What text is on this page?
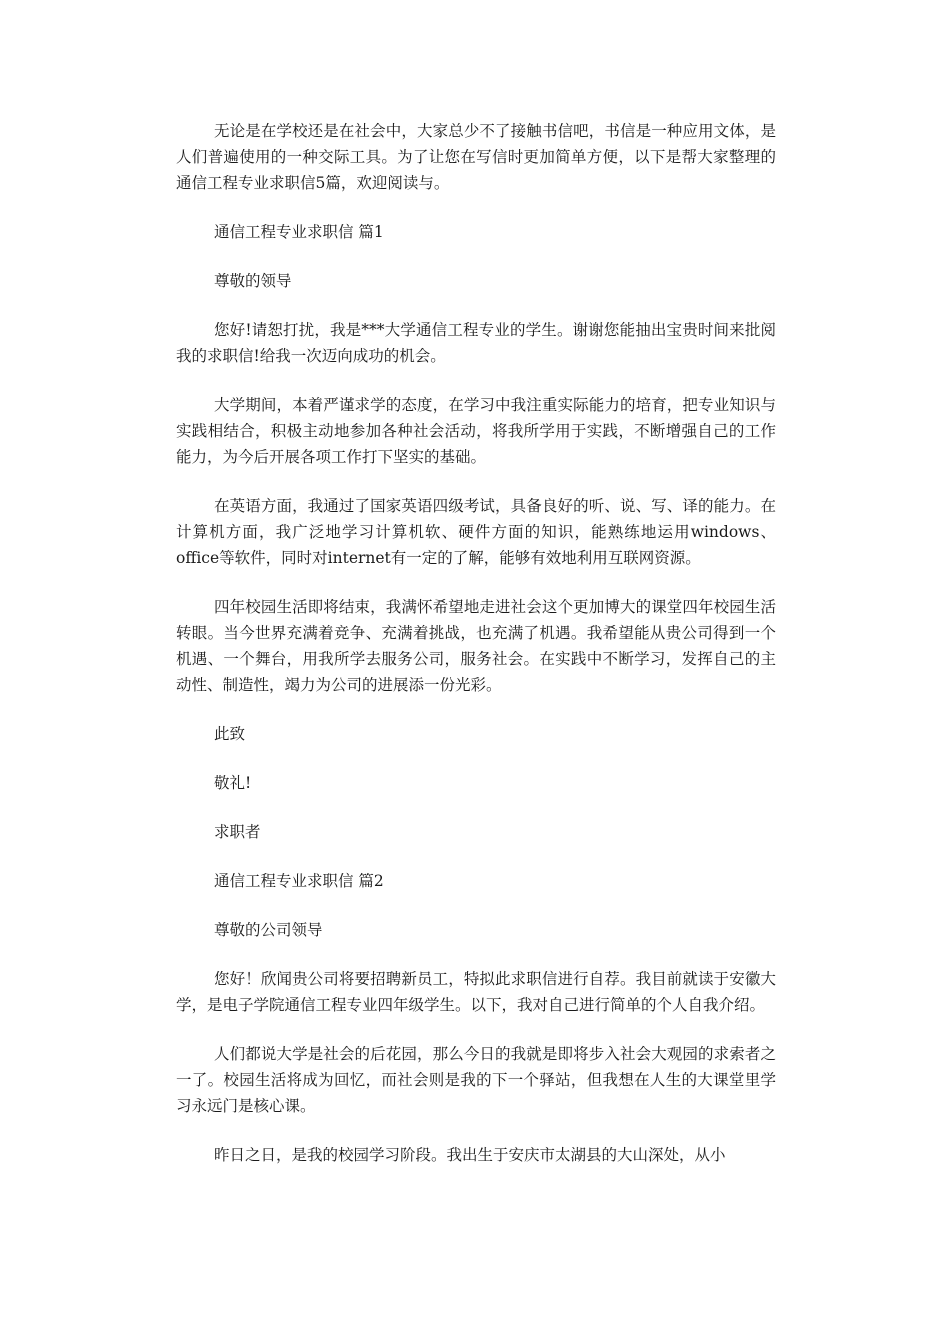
无论是在学校还是在社会中，大家总少不了接触书信吧，书信是一种应用文体，是人们普遍使用的一种交际工具。为了让您在写信时更加简单方便，以下是帮大家整理的通信工程专业求职信5篇，欢迎阅读与。

通信工程专业求职信 篇1

尊敬的领导

您好!请恕打扰，我是***大学通信工程专业的学生。谢谢您能抽出宝贵时间来批阅我的求职信!给我一次迈向成功的机会。

大学期间，本着严谨求学的态度，在学习中我注重实际能力的培育，把专业知识与实践相结合，积极主动地参加各种社会活动，将我所学用于实践，不断增强自己的工作能力，为今后开展各项工作打下坚实的基础。

在英语方面，我通过了国家英语四级考试，具备良好的听、说、写、译的能力。在计算机方面，我广泛地学习计算机软、硬件方面的知识，能熟练地运用windows、 office等软件，同时对internet有一定的了解，能够有效地利用互联网资源。

四年校园生活即将结束，我满怀希望地走进社会这个更加博大的课堂四年校园生活转眼。当今世界充满着竞争、充满着挑战，也充满了机遇。我希望能从贵公司得到一个机遇、一个舞台，用我所学去服务公司，服务社会。在实践中不断学习，发挥自己的主动性、制造性，竭力为公司的进展添一份光彩。

此致

敬礼!

求职者

通信工程专业求职信 篇2

尊敬的公司领导

您好！欣闻贵公司将要招聘新员工，特拟此求职信进行自荐。我目前就读于安徽大学，是电子学院通信工程专业四年级学生。以下，我对自己进行简单的个人自我介绍。

人们都说大学是社会的后花园，那么今日的我就是即将步入社会大观园的求索者之一了。校园生活将成为回忆，而社会则是我的下一个驿站，但我想在人生的大课堂里学习永远门是核心课。

昨日之日，是我的校园学习阶段。我出生于安庆市太湖县的大山深处，从小
